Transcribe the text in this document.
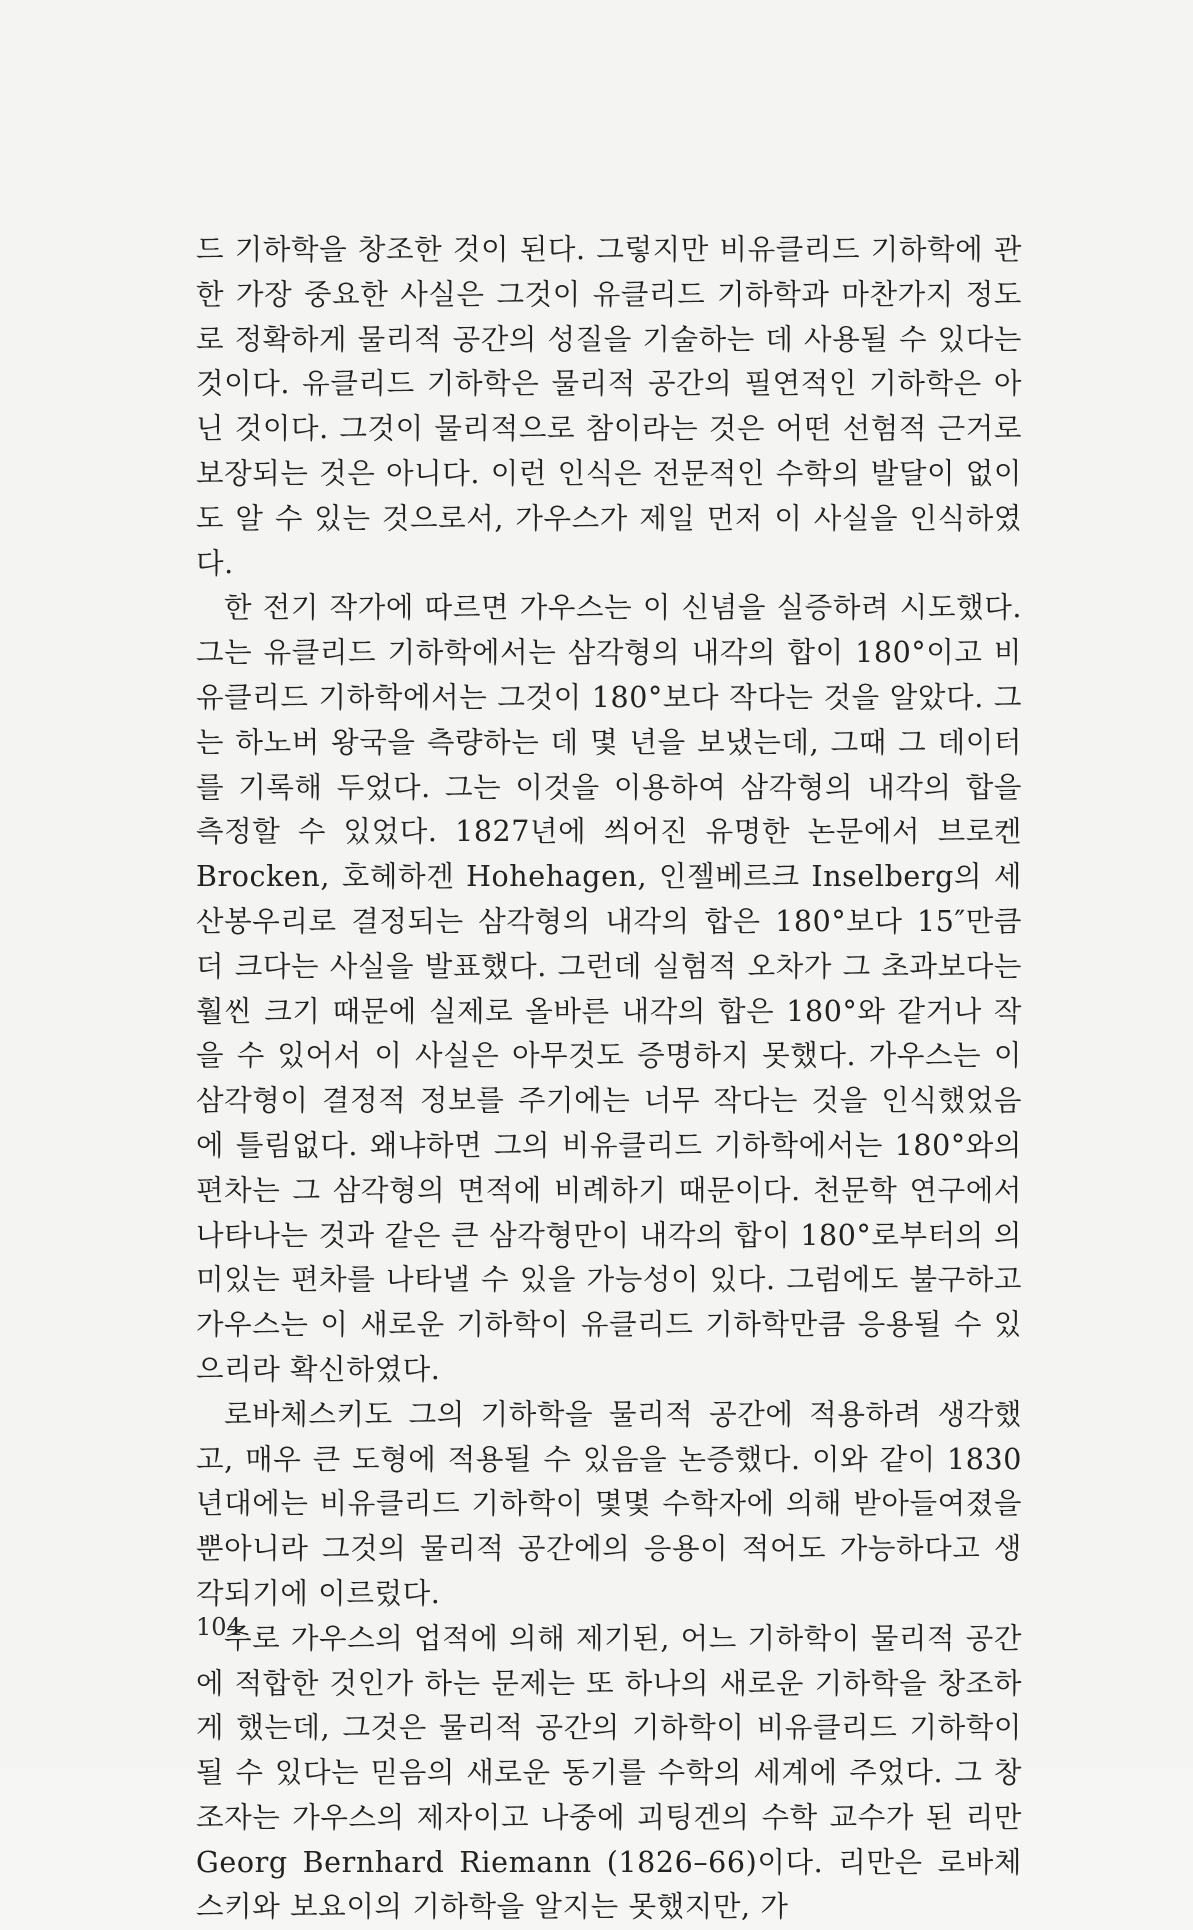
드 기하학을 창조한 것이 된다. 그렇지만 비유클리드 기하학에 관한 가장 중요한 사실은 그것이 유클리드 기하학과 마찬가지 정도로 정확하게 물리적 공간의 성질을 기술하는 데 사용될 수 있다는 것이다. 유클리드 기하학은 물리적 공간의 필연적인 기하학은 아닌 것이다. 그것이 물리적으로 참이라는 것은 어떤 선험적 근거로 보장되는 것은 아니다. 이런 인식은 전문적인 수학의 발달이 없이도 알 수 있는 것으로서, 가우스가 제일 먼저 이 사실을 인식하였다.

한 전기 작가에 따르면 가우스는 이 신념을 실증하려 시도했다. 그는 유클리드 기하학에서는 삼각형의 내각의 합이 180°이고 비유클리드 기하학에서는 그것이 180°보다 작다는 것을 알았다. 그는 하노버 왕국을 측량하는 데 몇 년을 보냈는데, 그때 그 데이터를 기록해 두었다. 그는 이것을 이용하여 삼각형의 내각의 합을 측정할 수 있었다. 1827년에 씌어진 유명한 논문에서 브로켄 Brocken, 호헤하겐 Hohehagen, 인젤베르크 Inselberg의 세 산봉우리로 결정되는 삼각형의 내각의 합은 180°보다 15″만큼 더 크다는 사실을 발표했다. 그런데 실험적 오차가 그 초과보다는 훨씬 크기 때문에 실제로 올바른 내각의 합은 180°와 같거나 작을 수 있어서 이 사실은 아무것도 증명하지 못했다. 가우스는 이 삼각형이 결정적 정보를 주기에는 너무 작다는 것을 인식했었음에 틀림없다. 왜냐하면 그의 비유클리드 기하학에서는 180°와의 편차는 그 삼각형의 면적에 비례하기 때문이다. 천문학 연구에서 나타나는 것과 같은 큰 삼각형만이 내각의 합이 180°로부터의 의미있는 편차를 나타낼 수 있을 가능성이 있다. 그럼에도 불구하고 가우스는 이 새로운 기하학이 유클리드 기하학만큼 응용될 수 있으리라 확신하였다.

로바체스키도 그의 기하학을 물리적 공간에 적용하려 생각했고, 매우 큰 도형에 적용될 수 있음을 논증했다. 이와 같이 1830년대에는 비유클리드 기하학이 몇몇 수학자에 의해 받아들여졌을 뿐아니라 그것의 물리적 공간에의 응용이 적어도 가능하다고 생각되기에 이르렀다.

주로 가우스의 업적에 의해 제기된, 어느 기하학이 물리적 공간에 적합한 것인가 하는 문제는 또 하나의 새로운 기하학을 창조하게 했는데, 그것은 물리적 공간의 기하학이 비유클리드 기하학이 될 수 있다는 믿음의 새로운 동기를 수학의 세계에 주었다. 그 창조자는 가우스의 제자이고 나중에 괴팅겐의 수학 교수가 된 리만 Georg Bernhard Riemann (1826–66)이다. 리만은 로바체스키와 보요이의 기하학을 알지는 못했지만, 가

104
